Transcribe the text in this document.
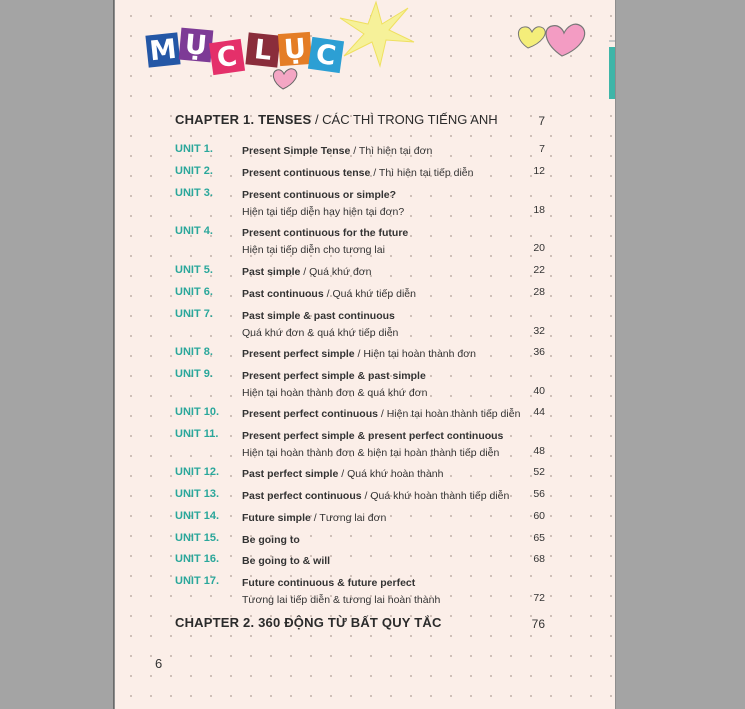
M Ụ C L Ụ C
CHAPTER 1. TENSES / CÁC THÌ TRONG TIẾNG ANH	7
UNIT 1.	Present Simple Tense / Thì hiện tại đơn	7
UNIT 2.	Present continuous tense / Thì hiện tại tiếp diễn	12
UNIT 3.	Present continuous or simple?
Hiện tại tiếp diễn hay hiện tại đơn?	18
UNIT 4.	Present continuous for the future
Hiện tại tiếp diễn cho tương lai	20
UNIT 5.	Past simple / Quá khứ đơn	22
UNIT 6.	Past continuous / Quá khứ tiếp diễn	28
UNIT 7.	Past simple & past continuous
Quá khứ đơn & quá khứ tiếp diễn	32
UNIT 8.	Present perfect simple / Hiện tại hoàn thành đơn	36
UNIT 9.	Present perfect simple & past simple
Hiện tại hoàn thành đơn & quá khứ đơn	40
UNIT 10. Present perfect continuous / Hiện tại hoàn thành tiếp diễn	44
UNIT 11. Present perfect simple & present perfect continuous
Hiện tại hoàn thành đơn & hiện tại hoàn thành tiếp diễn	48
UNIT 12. Past perfect simple / Quá khứ hoàn thành	52
UNIT 13. Past perfect continuous / Quá khứ hoàn thành tiếp diễn	56
UNIT 14. Future simple / Tương lai đơn	60
UNIT 15. Be going to	65
UNIT 16. Be going to & will	68
UNIT 17. Future continuous & future perfect
Tương lai tiếp diễn & tương lai hoàn thành	72
CHAPTER 2. 360 ĐỘNG TỪ BẤT QUY TẮC	76
6
